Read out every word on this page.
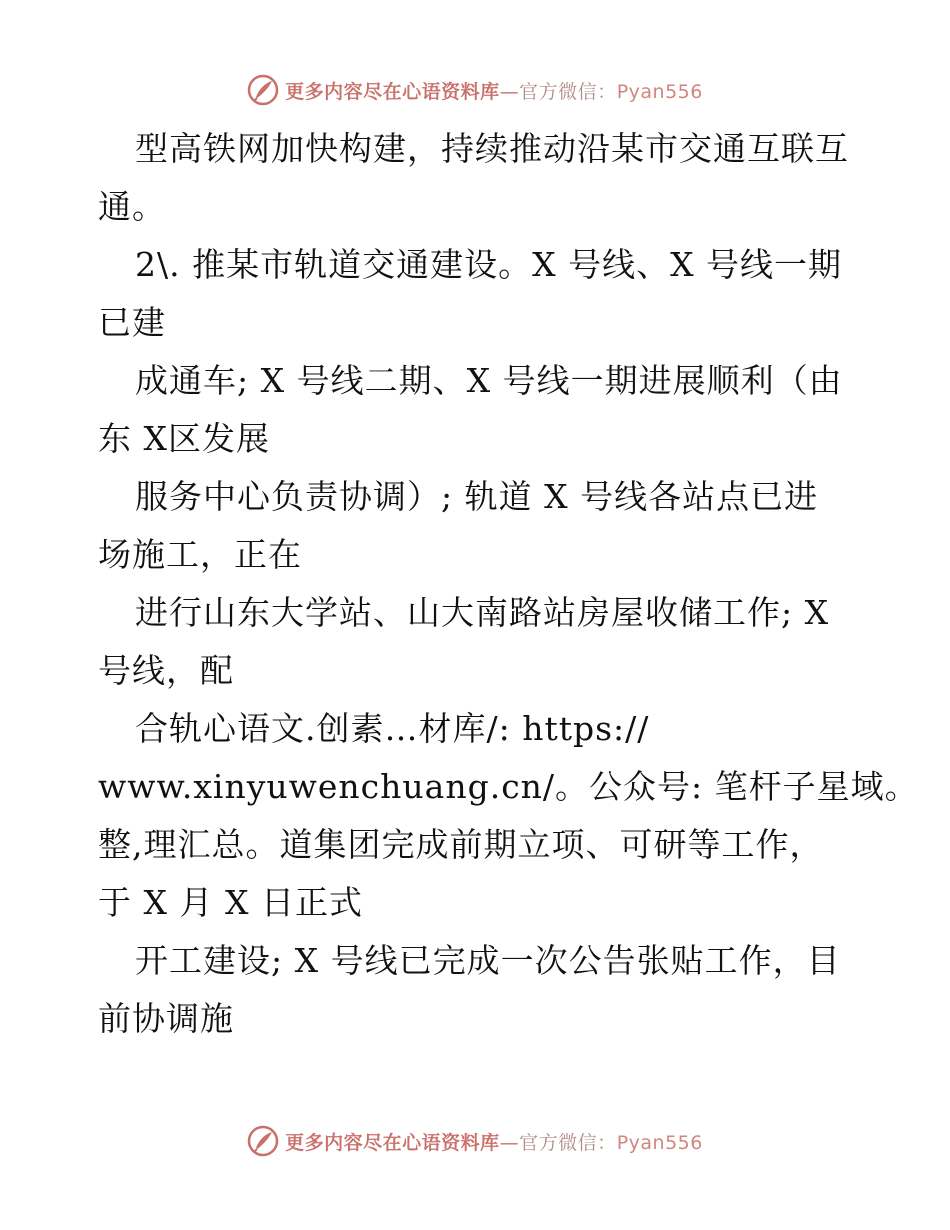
更多内容尽在心语资料库—官方微信：Pyan556
型高铁网加快构建，持续推动沿某市交通互联互
通。
2\. 推某市轨道交通建设。X 号线、X 号线一期
已建
成通车; X 号线二期、X 号线一期进展顺利（由
东 X区发展
服务中心负责协调）; 轨道 X 号线各站点已进
场施工，正在
进行山东大学站、山大南路站房屋收储工作; X
号线，配
合轨心语文.创素…材库/: https://
www.xinyuwenchuang.cn/。公众号: 笔杆子星域。
整,理汇总。道集团完成前期立项、可研等工作，
于 X 月 X 日正式
开工建设; X 号线已完成一次公告张贴工作，目
前协调施
更多内容尽在心语资料库—官方微信：Pyan556
